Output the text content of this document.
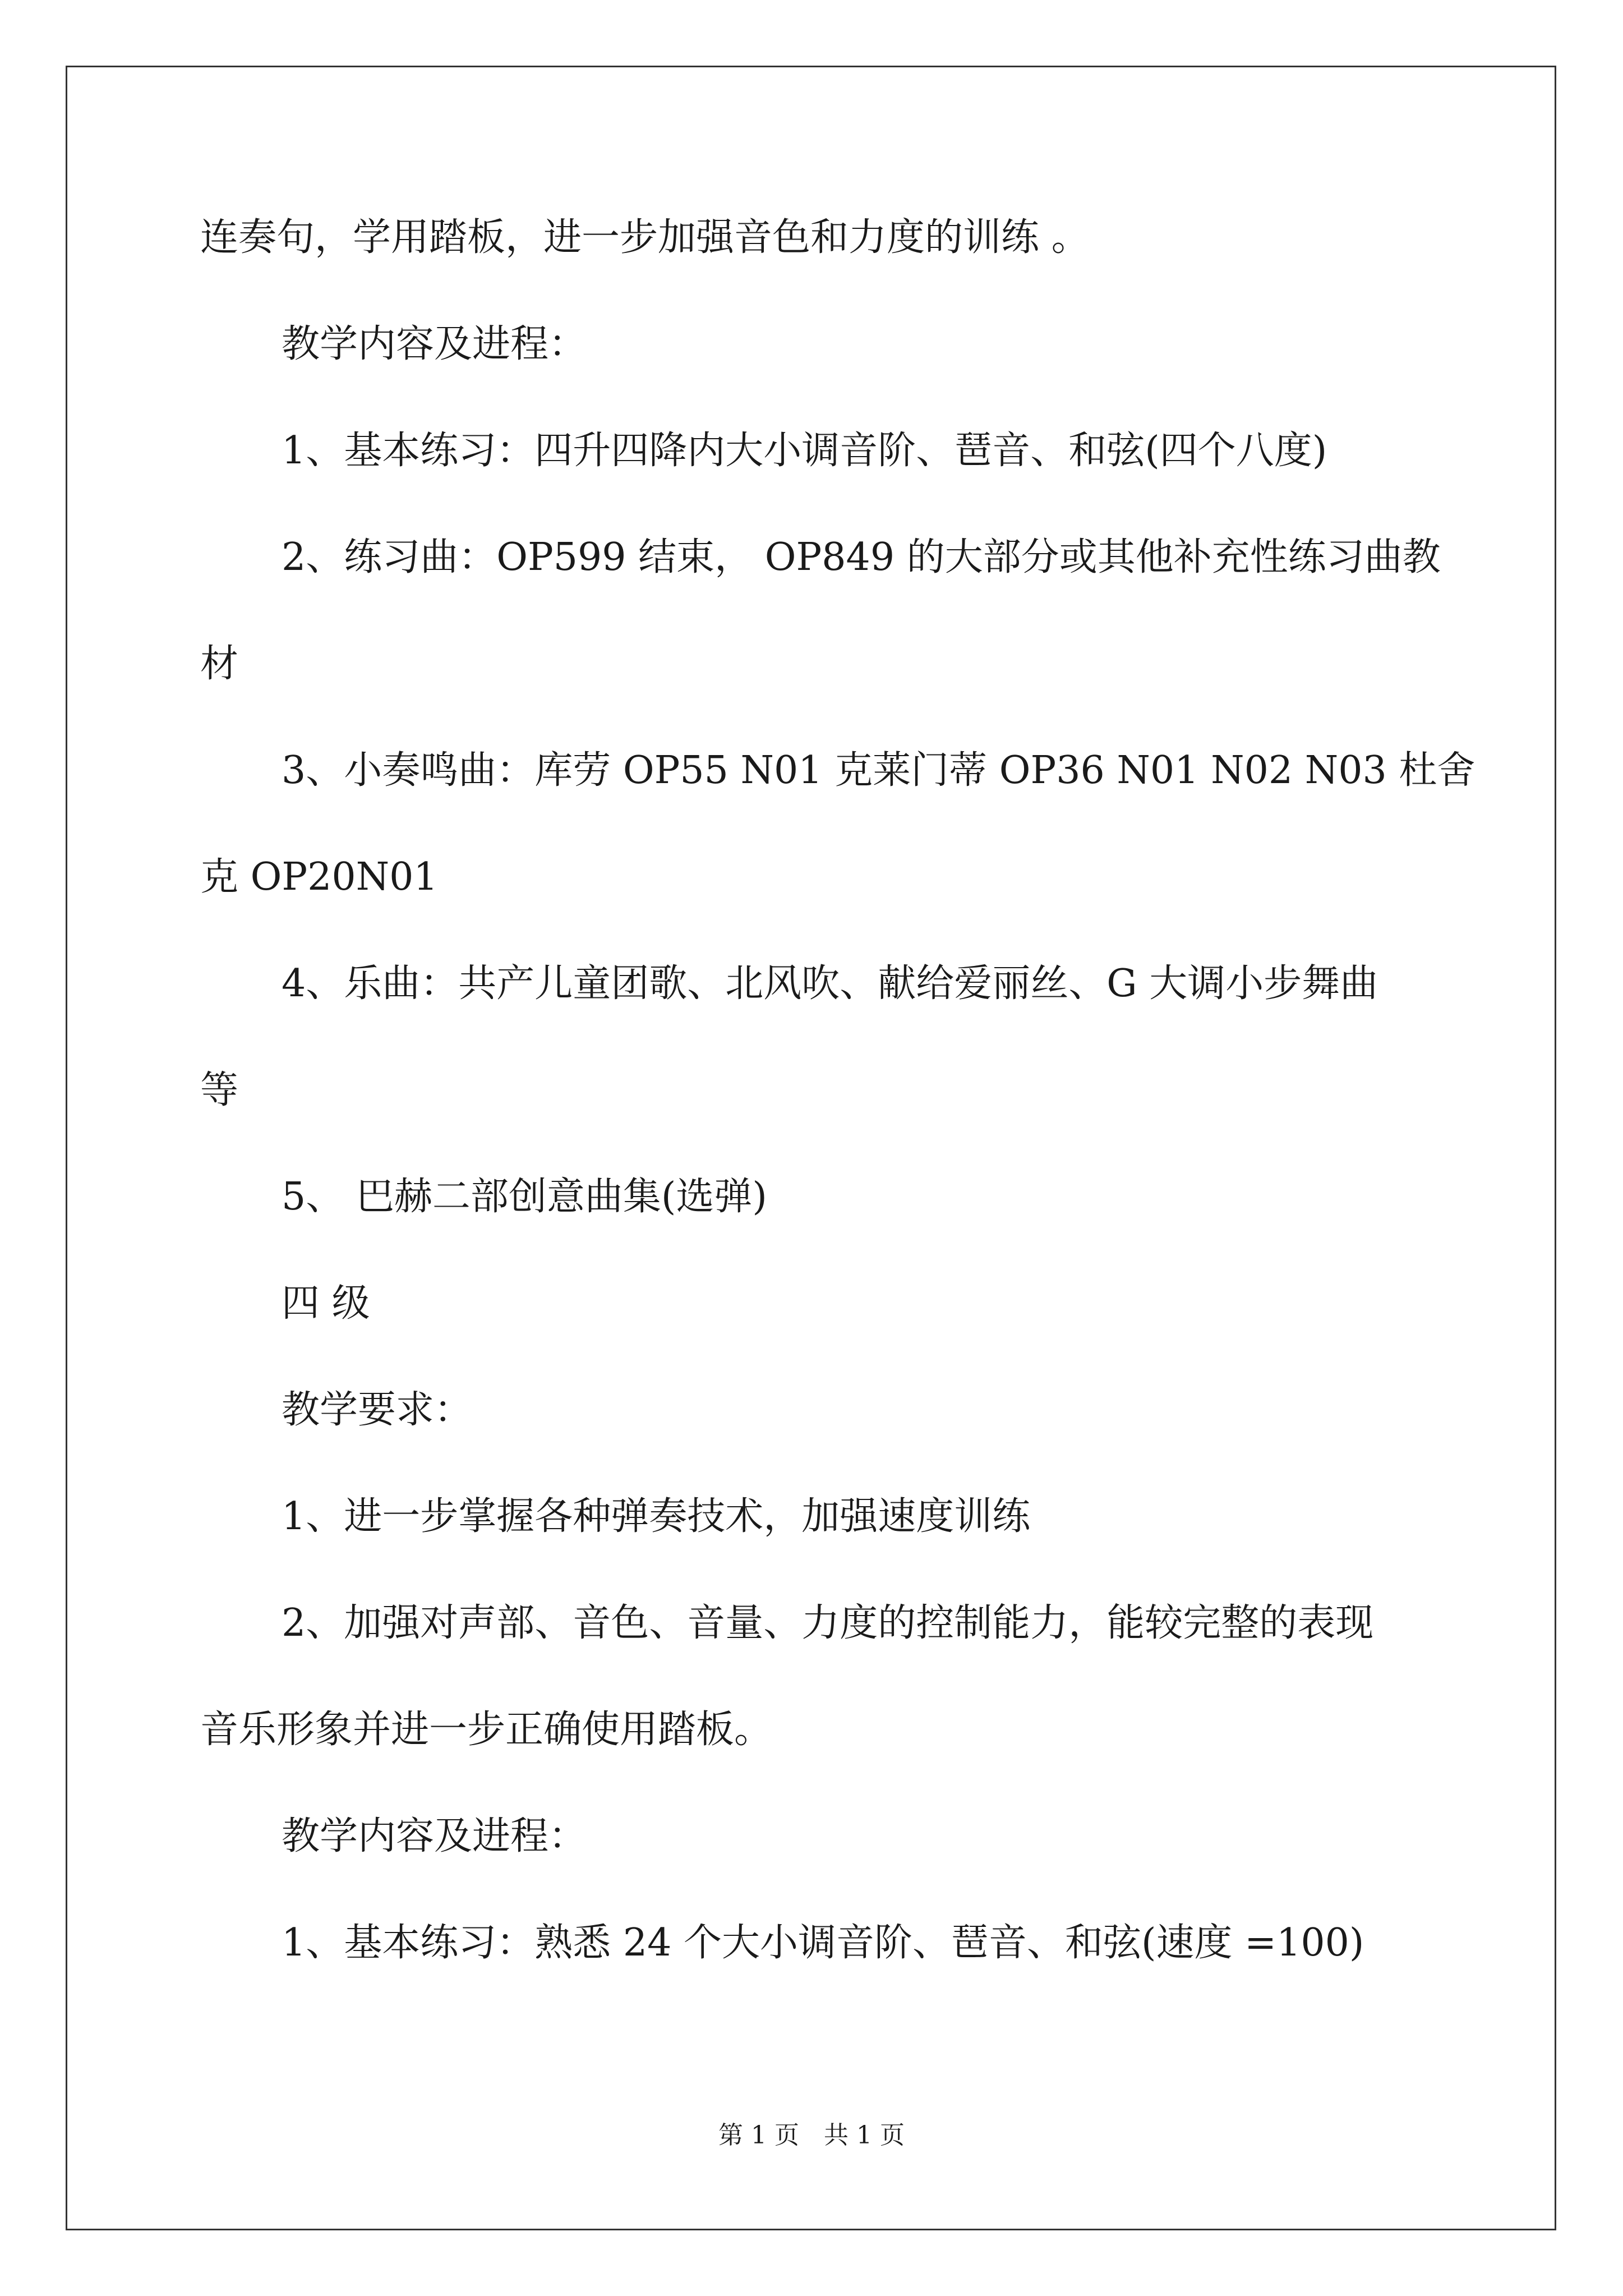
连奏句，学用踏板，进一步加强音色和力度的训练 。
教学内容及进程：
1、基本练习：四升四降内大小调音阶、琶音、和弦(四个八度)
2、练习曲：OP599 结束， OP849 的大部分或其他补充性练习曲教
材
3、小奏鸣曲：库劳 OP55 N01 克莱门蒂 OP36 N01 N02 N03 杜舍
克 OP20N01
4、乐曲：共产儿童团歌、北风吹、献给爱丽丝、G 大调小步舞曲
等
5、 巴赫二部创意曲集(选弹)
四 级
教学要求：
1、进一步掌握各种弹奏技术，加强速度训练
2、加强对声部、音色、音量、力度的控制能力，能较完整的表现
音乐形象并进一步正确使用踏板。
教学内容及进程：
1、基本练习：熟悉 24 个大小调音阶、琶音、和弦(速度 =100)
第 1 页　共 1 页
